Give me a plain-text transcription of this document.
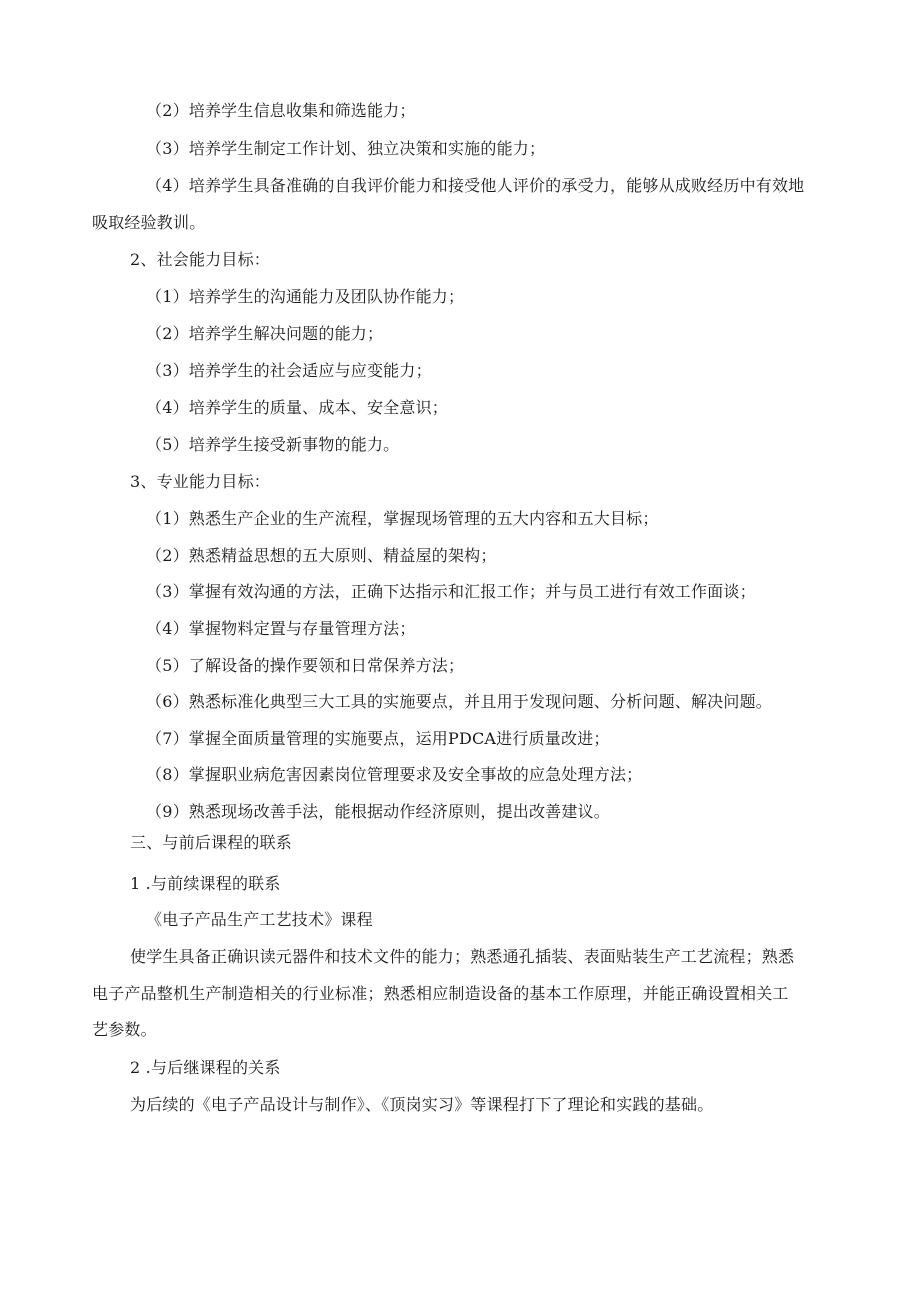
（2）培养学生信息收集和筛选能力；
（3）培养学生制定工作计划、独立决策和实施的能力；
（4）培养学生具备准确的自我评价能力和接受他人评价的承受力，能够从成败经历中有效地
吸取经验教训。
2、社会能力目标：
（1）培养学生的沟通能力及团队协作能力；
（2）培养学生解决问题的能力；
（3）培养学生的社会适应与应变能力；
（4）培养学生的质量、成本、安全意识；
（5）培养学生接受新事物的能力。
3、专业能力目标：
（1）熟悉生产企业的生产流程，掌握现场管理的五大内容和五大目标；
（2）熟悉精益思想的五大原则、精益屋的架构；
（3）掌握有效沟通的方法，正确下达指示和汇报工作；并与员工进行有效工作面谈；
（4）掌握物料定置与存量管理方法；
（5）了解设备的操作要领和日常保养方法；
（6）熟悉标准化典型三大工具的实施要点，并且用于发现问题、分析问题、解决问题。
（7）掌握全面质量管理的实施要点，运用PDCA进行质量改进；
（8）掌握职业病危害因素岗位管理要求及安全事故的应急处理方法；
（9）熟悉现场改善手法，能根据动作经济原则，提出改善建议。
三、与前后课程的联系
1 .与前续课程的联系
《电子产品生产工艺技术》课程
使学生具备正确识读元器件和技术文件的能力；熟悉通孔插装、表面贴装生产工艺流程；熟悉
电子产品整机生产制造相关的行业标准；熟悉相应制造设备的基本工作原理，并能正确设置相关工
艺参数。
2 .与后继课程的关系
为后续的《电子产品设计与制作》、《顶岗实习》等课程打下了理论和实践的基础。
